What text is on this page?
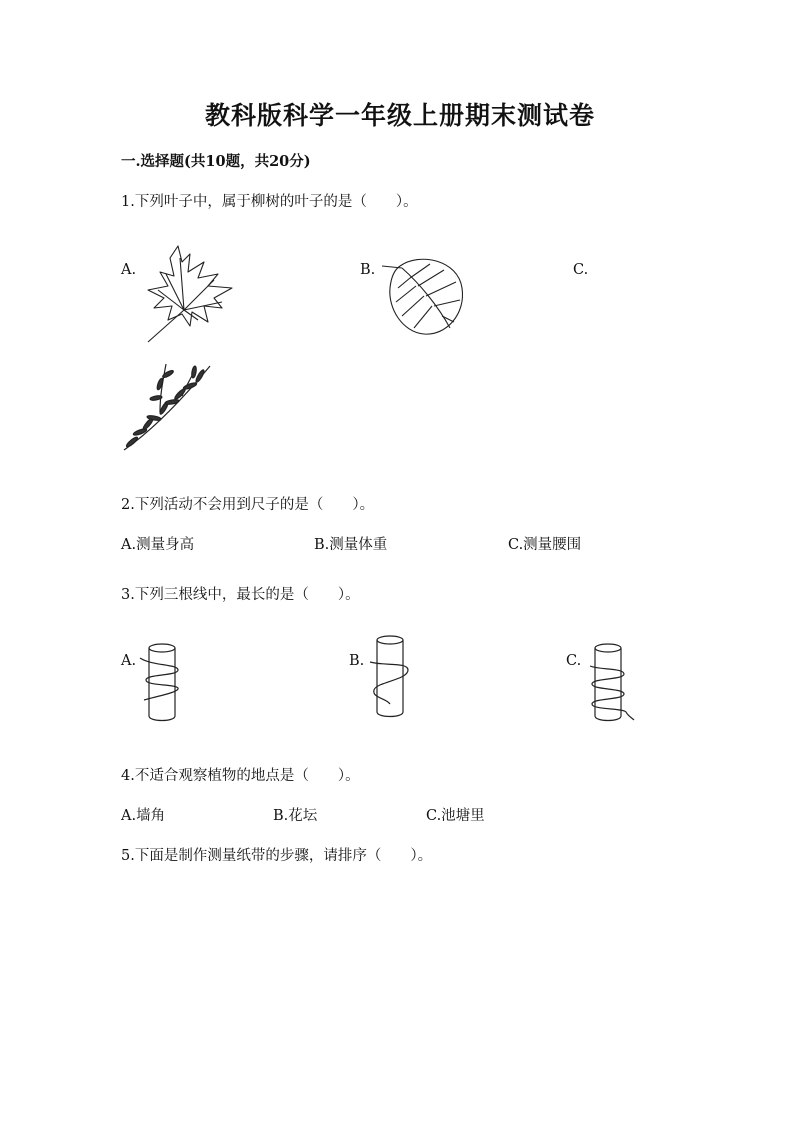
教科版科学一年级上册期末测试卷
一.选择题(共10题，共20分)
1.下列叶子中，属于柳树的叶子的是（　　）。
A.	B.	C.
2.下列活动不会用到尺子的是（　　）。
A.测量身高	B.测量体重	C.测量腰围
3.下列三根线中，最长的是（　　）。
A.	B.	C.
4.不适合观察植物的地点是（　　）。
A.墙角	B.花坛	C.池塘里
5.下面是制作测量纸带的步骤，请排序（　　）。
